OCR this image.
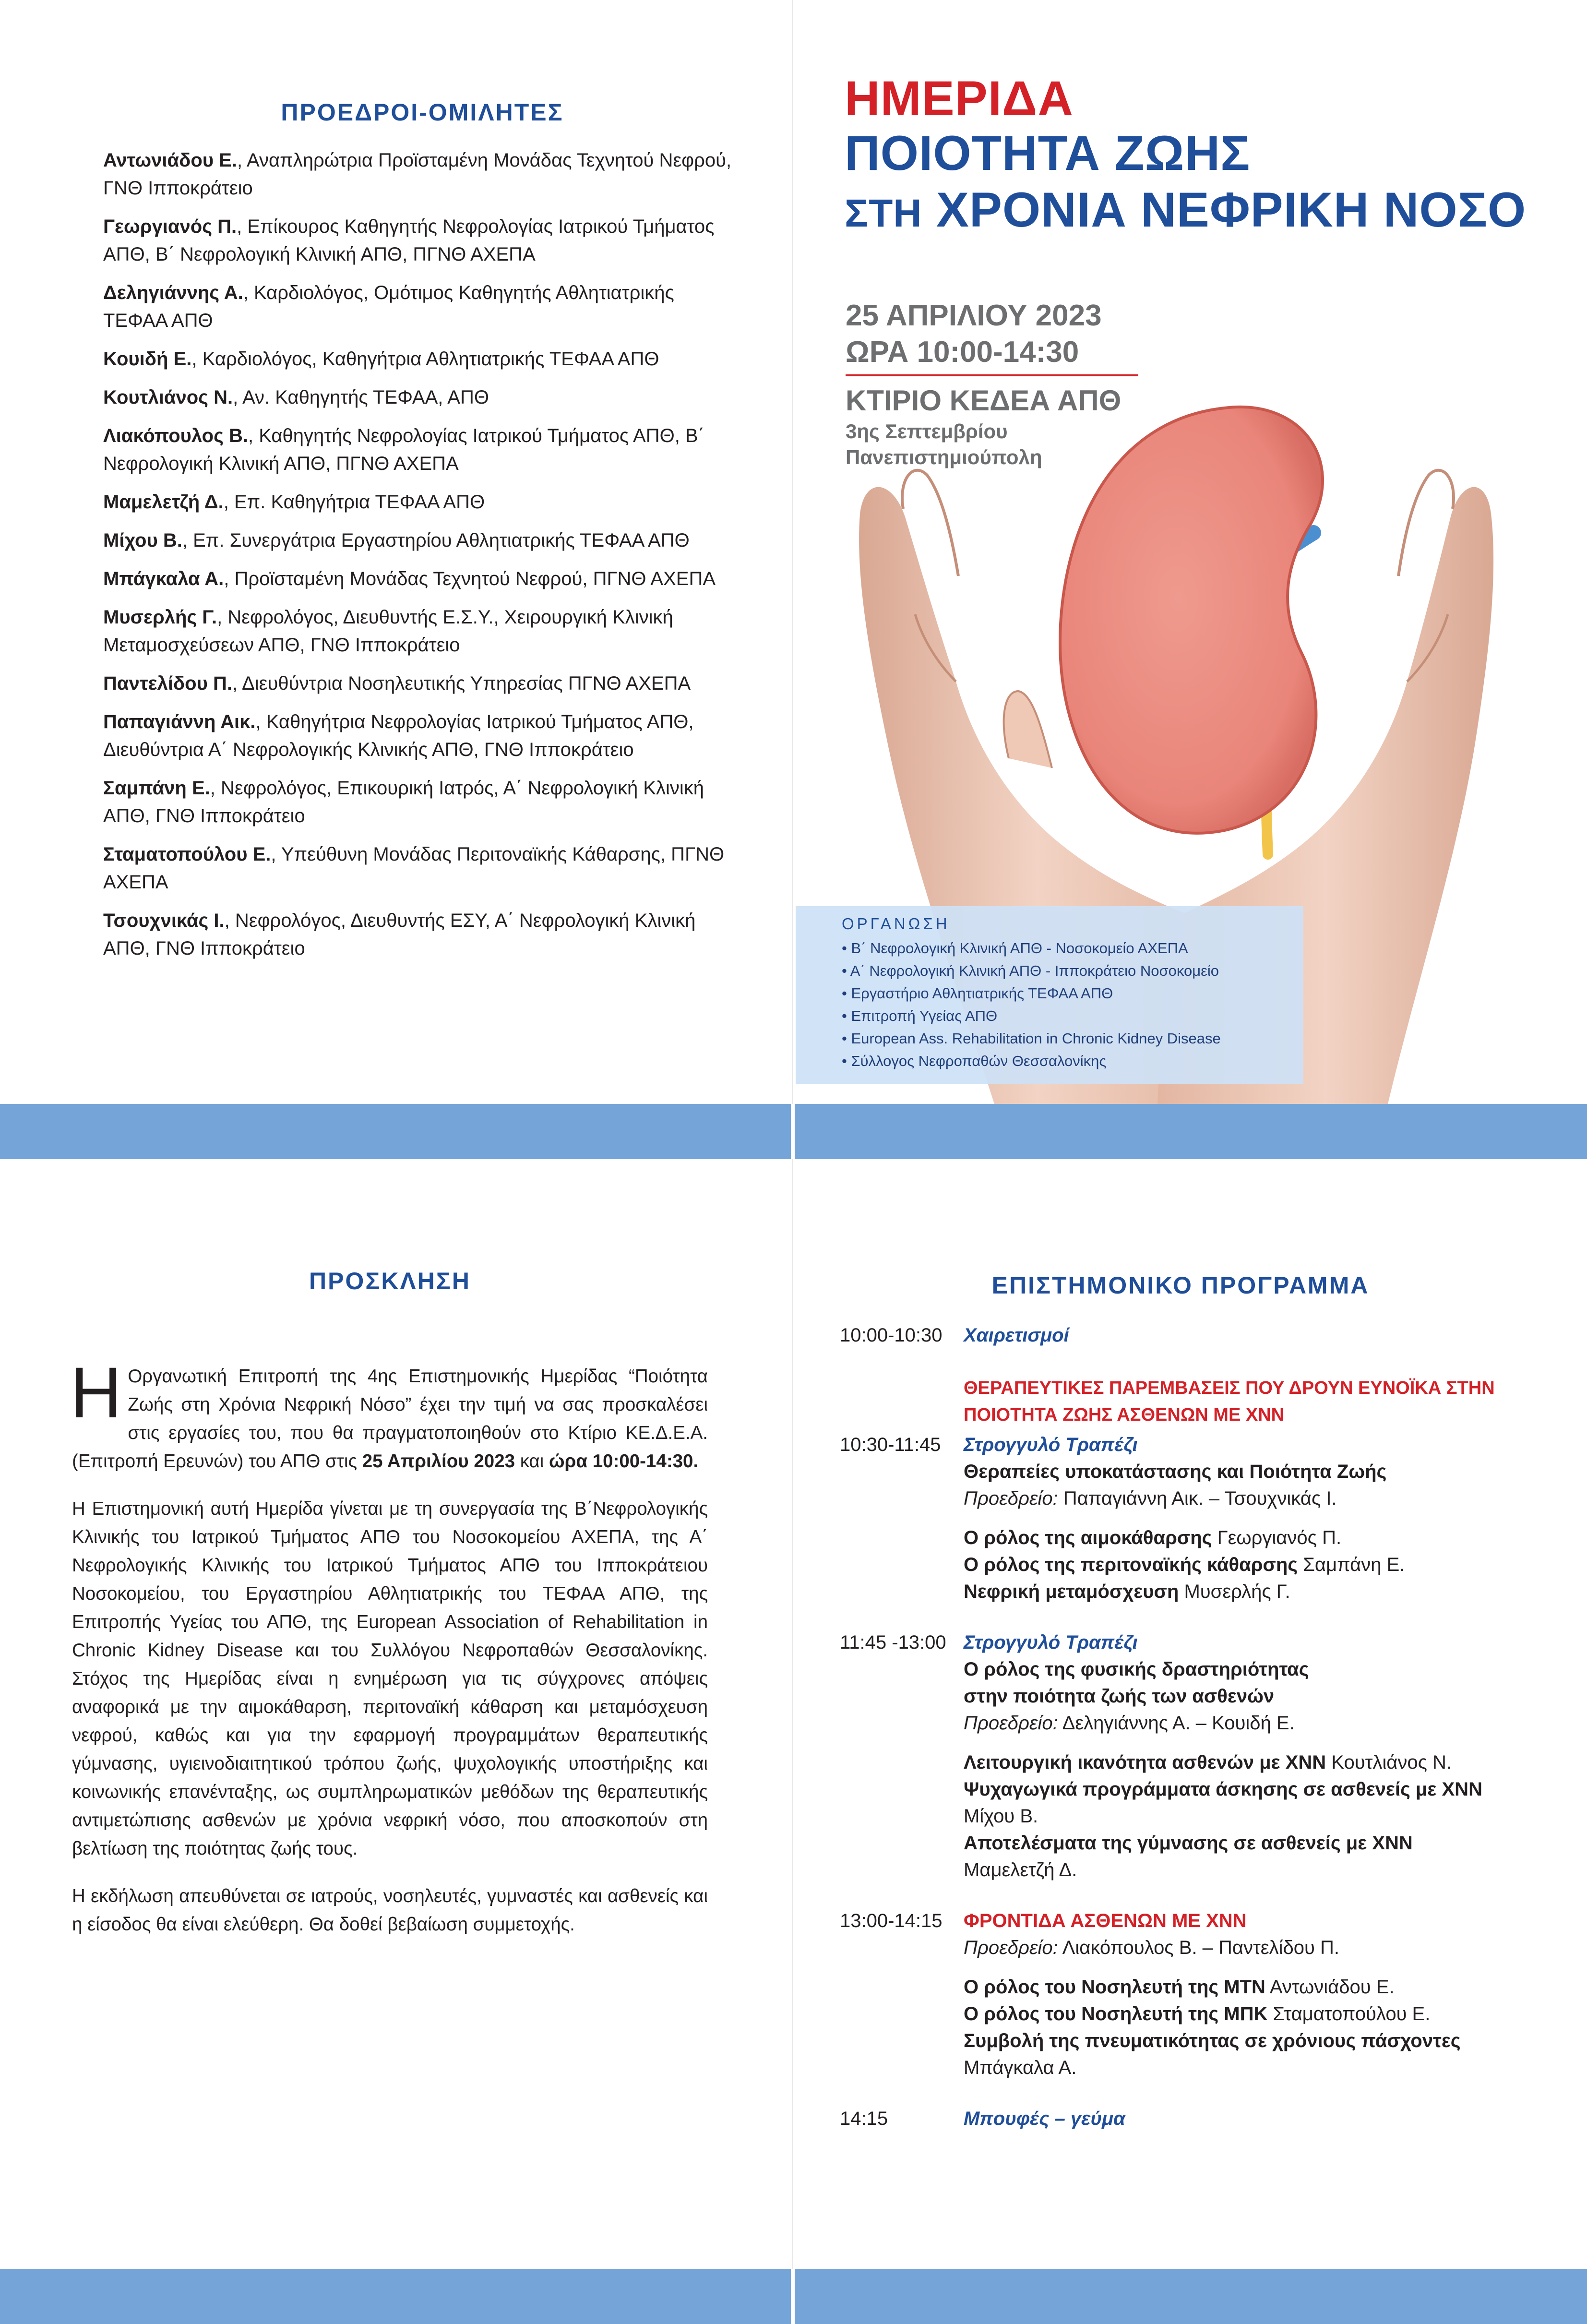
ΠΡΟΕΔΡΟΙ-ΟΜΙΛΗΤΕΣ
Αντωνιάδου Ε., Αναπληρώτρια Προϊσταμένη Μονάδας Τεχνητού Νεφρού, ΓΝΘ Ιπποκράτειο
Γεωργιανός Π., Επίκουρος Καθηγητής Νεφρολογίας Ιατρικού Τμήματος ΑΠΘ, Β΄ Νεφρολογική Κλινική ΑΠΘ, ΠΓΝΘ ΑΧΕΠΑ
Δεληγιάννης Α., Καρδιολόγος, Ομότιμος Καθηγητής Αθλητιατρικής ΤΕΦΑΑ ΑΠΘ
Κουιδή Ε., Καρδιολόγος, Καθηγήτρια Αθλητιατρικής ΤΕΦΑΑ ΑΠΘ
Κουτλιάνος Ν., Αν. Καθηγητής ΤΕΦΑΑ, ΑΠΘ
Λιακόπουλος Β., Καθηγητής Νεφρολογίας Ιατρικού Τμήματος ΑΠΘ, Β΄ Νεφρολογική Κλινική ΑΠΘ, ΠΓΝΘ ΑΧΕΠΑ
Μαμελετζή Δ., Επ. Καθηγήτρια ΤΕΦΑΑ ΑΠΘ
Μίχου Β., Επ. Συνεργάτρια Εργαστηρίου Αθλητιατρικής ΤΕΦΑΑ ΑΠΘ
Μπάγκαλα Α., Προϊσταμένη Μονάδας Τεχνητού Νεφρού, ΠΓΝΘ ΑΧΕΠΑ
Μυσερλής Γ., Νεφρολόγος, Διευθυντής Ε.Σ.Υ., Χειρουργική Κλινική Μεταμοσχεύσεων ΑΠΘ, ΓΝΘ Ιπποκράτειο
Παντελίδου Π., Διευθύντρια Νοσηλευτικής Υπηρεσίας ΠΓΝΘ ΑΧΕΠΑ
Παπαγιάννη Αικ., Καθηγήτρια Νεφρολογίας Ιατρικού Τμήματος ΑΠΘ, Διευθύντρια Α΄ Νεφρολογικής Κλινικής ΑΠΘ, ΓΝΘ Ιπποκράτειο
Σαμπάνη Ε., Νεφρολόγος, Επικουρική Ιατρός, Α΄ Νεφρολογική Κλινική ΑΠΘ, ΓΝΘ Ιπποκράτειο
Σταματοπούλου Ε., Υπεύθυνη Μονάδας Περιτοναϊκής Κάθαρσης, ΠΓΝΘ ΑΧΕΠΑ
Τσουχνικάς Ι., Νεφρολόγος, Διευθυντής ΕΣΥ, Α΄ Νεφρολογική Κλινική ΑΠΘ, ΓΝΘ Ιπποκράτειο
ΗΜΕΡΙΔΑ
ΠΟΙΟΤΗΤΑ ΖΩΗΣ
ΣΤΗ ΧΡΟΝΙΑ ΝΕΦΡΙΚΗ ΝΟΣΟ
25 ΑΠΡΙΛΙΟΥ 2023
ΩΡΑ 10:00-14:30
ΚΤΙΡΙΟ ΚΕΔΕΑ ΑΠΘ
3ης Σεπτεμβρίου
Πανεπιστημιούπολη
ΟΡΓΑΝΩΣΗ
• Β΄ Νεφρολογική Κλινική ΑΠΘ - Νοσοκομείο ΑΧΕΠΑ
• Α΄ Νεφρολογική Κλινική ΑΠΘ - Ιπποκράτειο Νοσοκομείο
• Εργαστήριο Αθλητιατρικής ΤΕΦΑΑ ΑΠΘ
• Επιτροπή Υγείας ΑΠΘ
• European Ass. Rehabilitation in Chronic Kidney Disease
• Σύλλογος Νεφροπαθών Θεσσαλονίκης
ΠΡΟΣΚΛΗΣΗ

Η Οργανωτική Επιτροπή της 4ης Επιστημονικής Ημερίδας “Ποιότητα Ζωής στη Χρόνια Νεφρική Νόσο” έχει την τιμή να σας προσκαλέσει στις εργασίες του, που θα πραγματοποιηθούν στο Κτίριο ΚΕ.Δ.Ε.Α. (Επιτροπή Ερευνών) του ΑΠΘ στις 25 Απριλίου 2023 και ώρα 10:00-14:30.

Η Επιστημονική αυτή Ημερίδα γίνεται με τη συνεργασία της Β΄Νεφρολογικής Κλινικής του Ιατρικού Τμήματος ΑΠΘ του Νοσοκομείου ΑΧΕΠΑ, της Α΄ Νεφρολογικής Κλινικής του Ιατρικού Τμήματος ΑΠΘ του Ιπποκράτειου Νοσοκομείου, του Εργαστηρίου Αθλητιατρικής του ΤΕΦΑΑ ΑΠΘ, της Επιτροπής Υγείας του ΑΠΘ, της European Association of Rehabilitation in Chronic Kidney Disease και του Συλλόγου Νεφροπαθών Θεσσαλονίκης. Στόχος της Ημερίδας είναι η ενημέρωση για τις σύγχρονες απόψεις αναφορικά με την αιμοκάθαρση, περιτοναϊκή κάθαρση και μεταμόσχευση νεφρού, καθώς και για την εφαρμογή προγραμμάτων θεραπευτικής γύμνασης, υγιεινοδιαιτητικού τρόπου ζωής, ψυχολογικής υποστήριξης και κοινωνικής επανένταξης, ως συμπληρωματικών μεθόδων της θεραπευτικής αντιμετώπισης ασθενών με χρόνια νεφρική νόσο, που αποσκοπούν στη βελτίωση της ποιότητας ζωής τους.

Η εκδήλωση απευθύνεται σε ιατρούς, νοσηλευτές, γυμναστές και ασθενείς και η είσοδος θα είναι ελεύθερη. Θα δοθεί βεβαίωση συμμετοχής.

ΕΠΙΣΤΗΜΟΝΙΚΟ ΠΡΟΓΡΑΜΜΑ
10:00-10:30	Χαιρετισμοί
ΘΕΡΑΠΕΥΤΙΚΕΣ ΠΑΡΕΜΒΑΣΕΙΣ ΠΟΥ ΔΡΟΥΝ ΕΥΝΟΪΚΑ ΣΤΗΝ ΠΟΙΟΤΗΤΑ ΖΩΗΣ ΑΣΘΕΝΩΝ ΜΕ ΧΝΝ
10:30-11:45	Στρογγυλό Τραπέζι
Θεραπείες υποκατάστασης και Ποιότητα Ζωής
Προεδρείο: Παπαγιάννη Αικ. – Τσουχνικάς Ι.
Ο ρόλος της αιμοκάθαρσης Γεωργιανός Π.
Ο ρόλος της περιτοναϊκής κάθαρσης Σαμπάνη Ε.
Νεφρική μεταμόσχευση Μυσερλής Γ.
11:45 -13:00 Στρογγυλό Τραπέζι
Ο ρόλος της φυσικής δραστηριότητας
στην ποιότητα ζωής των ασθενών
Προεδρείο: Δεληγιάννης Α. – Κουιδή Ε.
Λειτουργική ικανότητα ασθενών με ΧΝΝ Κουτλιάνος Ν.
Ψυχαγωγικά προγράμματα άσκησης σε ασθενείς με ΧΝΝ
Μίχου Β.
Αποτελέσματα της γύμνασης σε ασθενείς με ΧΝΝ
Μαμελετζή Δ.
13:00-14:15	ΦΡΟΝΤΙΔΑ ΑΣΘΕΝΩΝ ΜΕ ΧΝΝ
Προεδρείο: Λιακόπουλος Β. – Παντελίδου Π.
Ο ρόλος του Νοσηλευτή της ΜΤΝ Αντωνιάδου Ε.
Ο ρόλος του Νοσηλευτή της ΜΠΚ Σταματοπούλου Ε.
Συμβολή της πνευματικότητας σε χρόνιους πάσχοντες
Μπάγκαλα Α.
14:15	Μπουφές – γεύμα
